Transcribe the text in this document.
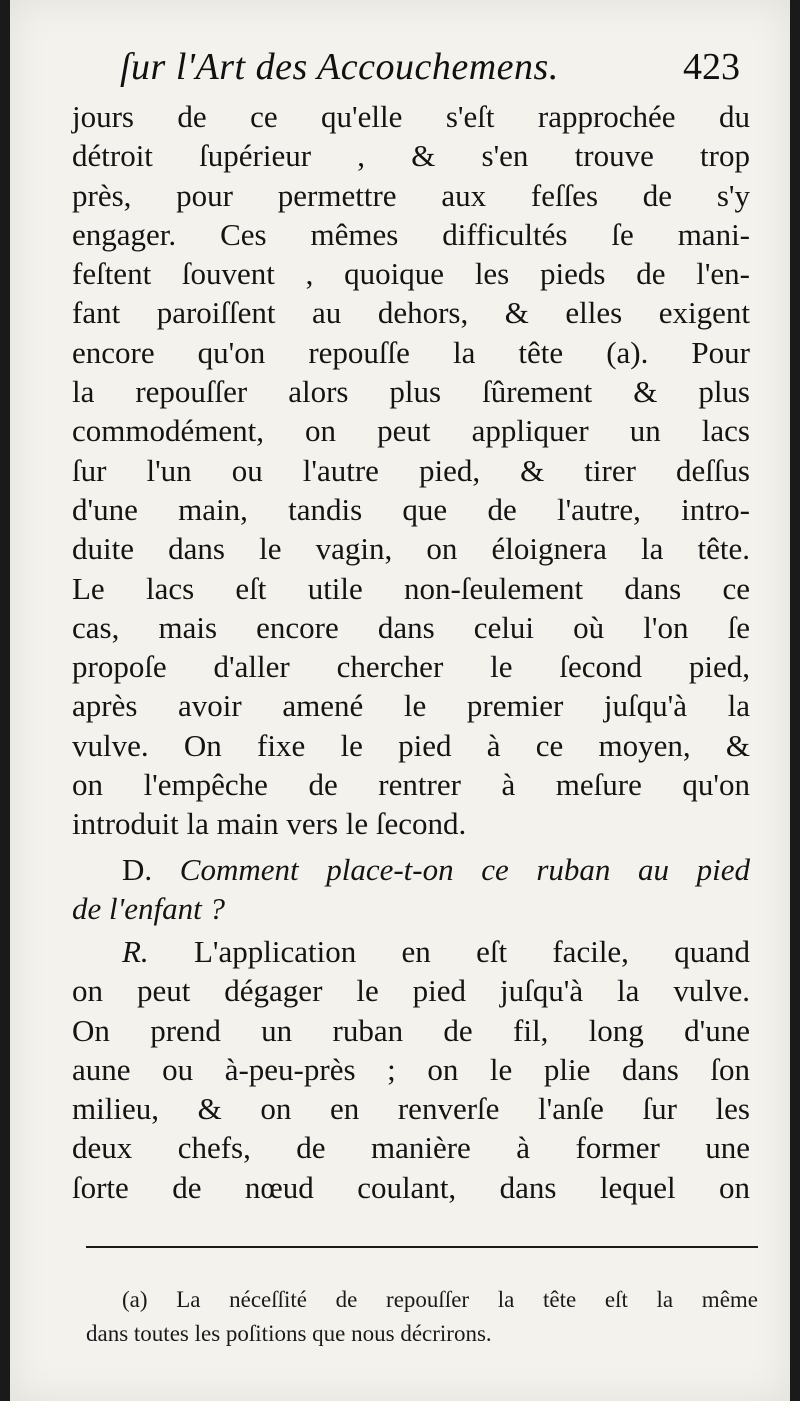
ſur l'Art des Accouchemens.	423
jours de ce qu'elle s'eſt rapprochée du
détroit ſupérieur , & s'en trouve trop
près, pour permettre aux feſſes de s'y
engager. Ces mêmes difficultés ſe mani-
feſtent ſouvent , quoique les pieds de l'en-
fant paroiſſent au dehors, & elles exigent
encore qu'on repouſſe la tête (a). Pour
la repouſſer alors plus ſûrement & plus
commodément, on peut appliquer un lacs
ſur l'un ou l'autre pied, & tirer deſſus
d'une main, tandis que de l'autre, intro-
duite dans le vagin, on éloignera la tête.
Le lacs eſt utile non-ſeulement dans ce
cas, mais encore dans celui où l'on ſe
propoſe d'aller chercher le ſecond pied,
après avoir amené le premier juſqu'à la
vulve. On fixe le pied à ce moyen, &
on l'empêche de rentrer à meſure qu'on
introduit la main vers le ſecond.
D. Comment place-t-on ce ruban au pied
de l'enfant ?
R. L'application en eſt facile, quand
on peut dégager le pied juſqu'à la vulve.
On prend un ruban de fil, long d'une
aune ou à-peu-près ; on le plie dans ſon
milieu, & on en renverſe l'anſe ſur les
deux chefs, de manière à former une
ſorte de nœud coulant, dans lequel on
(a) La néceſſité de repouſſer la tête eſt la même
dans toutes les poſitions que nous décrirons.
